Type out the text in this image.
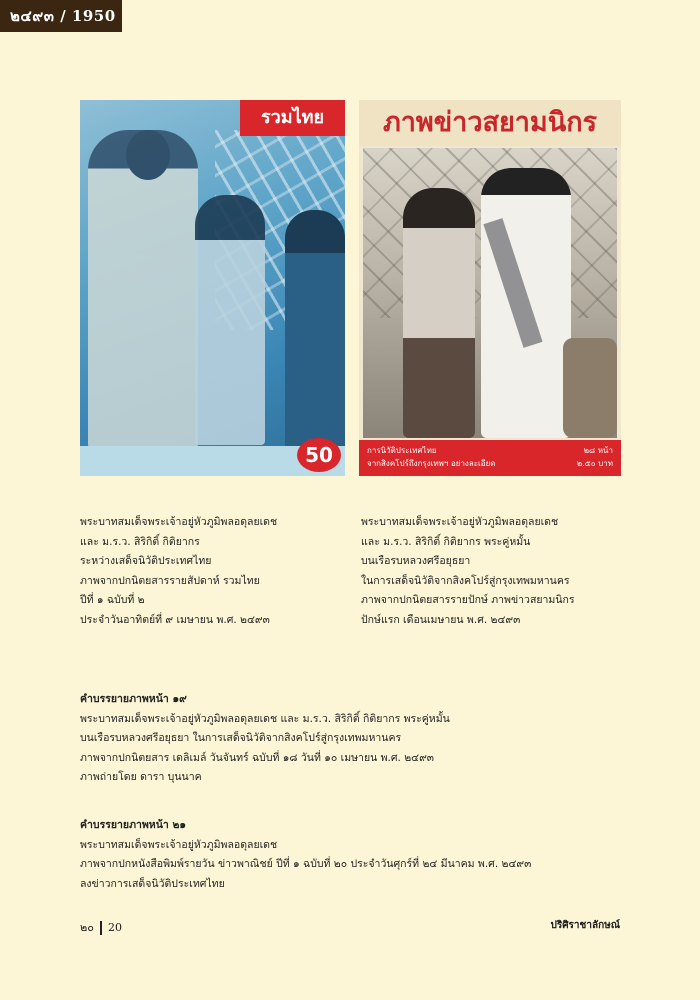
๒๔๙๓ / 1950
รวมไทย
50
ภาพข่าวสยามนิกร
การนิวัติประเทศไทย
จากสิงคโปร์ถึงกรุงเทพฯ อย่างละเอียด
๒๘ หน้า
๒.๕๐ บาท

พระบาทสมเด็จพระเจ้าอยู่หัวภูมิพลอดุลยเดช

และ ม.ร.ว. สิริกิติ์ กิติยากร

ระหว่างเสด็จนิวัติประเทศไทย

ภาพจากปกนิตยสารรายสัปดาห์ รวมไทย

ปีที่ ๑ ฉบับที่ ๒

ประจำวันอาทิตย์ที่ ๙ เมษายน พ.ศ. ๒๔๙๓

พระบาทสมเด็จพระเจ้าอยู่หัวภูมิพลอดุลยเดช

และ ม.ร.ว. สิริกิติ์ กิติยากร พระคู่หมั้น

บนเรือรบหลวงศรีอยุธยา

ในการเสด็จนิวัติจากสิงคโปร์สู่กรุงเทพมหานคร

ภาพจากปกนิตยสารรายปักษ์ ภาพข่าวสยามนิกร

ปักษ์แรก เดือนเมษายน พ.ศ. ๒๔๙๓

คำบรรยายภาพหน้า ๑๙

พระบาทสมเด็จพระเจ้าอยู่หัวภูมิพลอดุลยเดช และ ม.ร.ว. สิริกิติ์ กิติยากร พระคู่หมั้น

บนเรือรบหลวงศรีอยุธยา ในการเสด็จนิวัติจากสิงคโปร์สู่กรุงเทพมหานคร

ภาพจากปกนิตยสาร เดลิเมล์ วันจันทร์ ฉบับที่ ๑๘ วันที่ ๑๐ เมษายน พ.ศ. ๒๔๙๓

ภาพถ่ายโดย ดารา บุนนาค

คำบรรยายภาพหน้า ๒๑

พระบาทสมเด็จพระเจ้าอยู่หัวภูมิพลอดุลยเดช

ภาพจากปกหนังสือพิมพ์รายวัน ข่าวพาณิชย์ ปีที่ ๑ ฉบับที่ ๒๐ ประจำวันศุกร์ที่ ๒๔ มีนาคม พ.ศ. ๒๔๙๓

ลงข่าวการเสด็จนิวัติประเทศไทย

๒๐ 20	ปริศิราชาลักษณ์
